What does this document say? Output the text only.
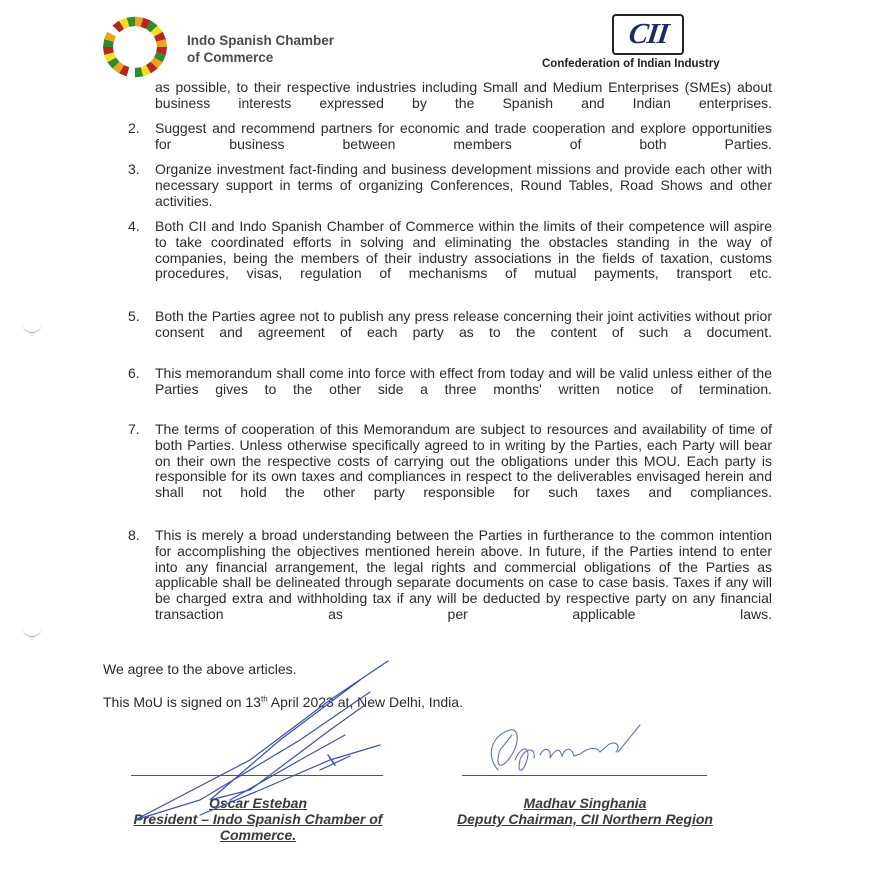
Indo Spanish Chamber
of Commerce
CII
Confederation of Indian Industry
as possible, to their respective industries including Small and Medium Enterprises (SMEs) about business interests expressed by the Spanish and Indian enterprises.
2.	Suggest and recommend partners for economic and trade cooperation and explore opportunities for business between members of both Parties.
3.	Organize investment fact-finding and business development missions and provide each other with necessary support in terms of organizing Conferences, Round Tables, Road Shows and other activities.
4.	Both CII and Indo Spanish Chamber of Commerce within the limits of their competence will aspire to take coordinated efforts in solving and eliminating the obstacles standing in the way of companies, being the members of their industry associations in the fields of taxation, customs procedures, visas, regulation of mechanisms of mutual payments, transport etc.
5.	Both the Parties agree not to publish any press release concerning their joint activities without prior consent and agreement of each party as to the content of such a document.
6.	This memorandum shall come into force with effect from today and will be valid unless either of the Parties gives to the other side a three months' written notice of termination.
7.	The terms of cooperation of this Memorandum are subject to resources and availability of time of both Parties. Unless otherwise specifically agreed to in writing by the Parties, each Party will bear on their own the respective costs of carrying out the obligations under this MOU. Each party is responsible for its own taxes and compliances in respect to the deliverables envisaged herein and shall not hold the other party responsible for such taxes and compliances.
8.	This is merely a broad understanding between the Parties in furtherance to the common intention for accomplishing the objectives mentioned herein above. In future, if the Parties intend to enter into any financial arrangement, the legal rights and commercial obligations of the Parties as applicable shall be delineated through separate documents on case to case basis. Taxes if any will be charged extra and withholding tax if any will be deducted by respective party on any financial transaction as per applicable laws.
We agree to the above articles.
This MoU is signed on 13th April 2023 at, New Delhi, India.
Oscar Esteban
President – Indo Spanish Chamber of
Commerce.
Madhav Singhania
Deputy Chairman, CII Northern Region
